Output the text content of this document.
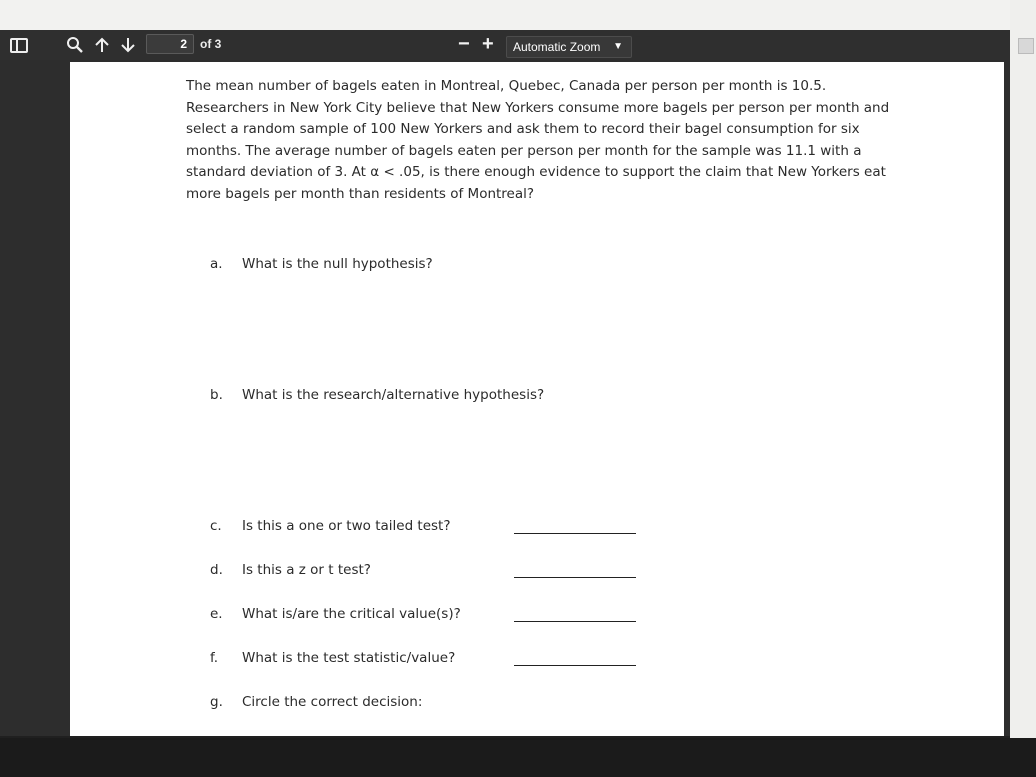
2	of 3	− +	Automatic Zoom ▼

The mean number of bagels eaten in Montreal, Quebec, Canada per person per month is 10.5. Researchers in New York City believe that New Yorkers consume more bagels per person per month and select a random sample of 100 New Yorkers and ask them to record their bagel consumption for six months. The average number of bagels eaten per person per month for the sample was 11.1 with a standard deviation of 3. At α < .05, is there enough evidence to support the claim that New Yorkers eat more bagels per month than residents of Montreal?

a. What is the null hypothesis?
b. What is the research/alternative hypothesis?
c. Is this a one or two tailed test?
d. Is this a z or t test?
e. What is/are the critical value(s)?
f. What is the test statistic/value?
g. Circle the correct decision:
